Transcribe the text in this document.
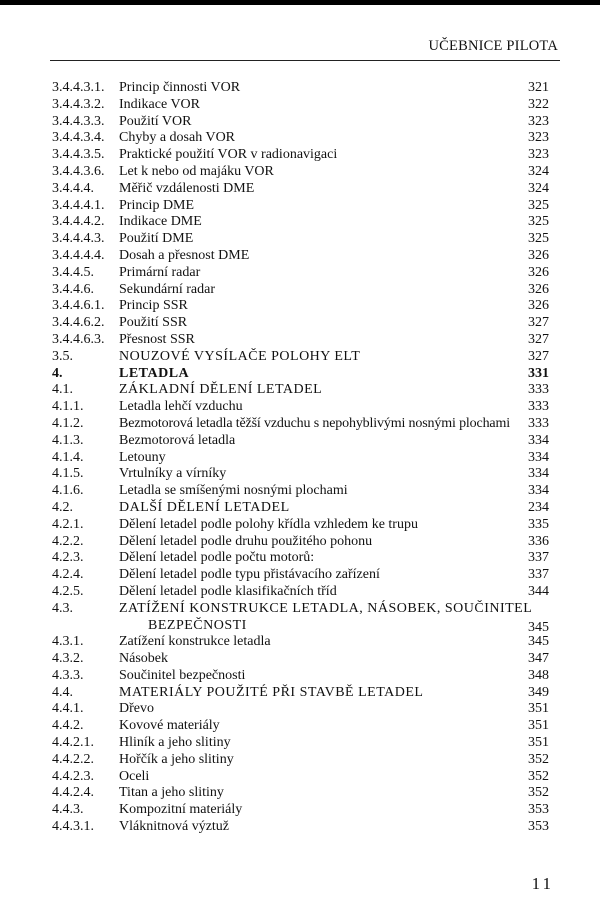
UČEBNICE PILOTA
3.4.4.3.1. Princip činnosti VOR	321
3.4.4.3.2. Indikace VOR	322
3.4.4.3.3. Použití VOR	323
3.4.4.3.4. Chyby a dosah VOR	323
3.4.4.3.5. Praktické použití VOR v radionavigaci	323
3.4.4.3.6. Let k nebo od majáku VOR	324
3.4.4.4. Měřič vzdálenosti DME	324
3.4.4.4.1. Princip DME	325
3.4.4.4.2. Indikace DME	325
3.4.4.4.3. Použití DME	325
3.4.4.4.4. Dosah a přesnost DME	326
3.4.4.5. Primární radar	326
3.4.4.6. Sekundární radar	326
3.4.4.6.1. Princip SSR	326
3.4.4.6.2. Použití SSR	327
3.4.4.6.3. Přesnost SSR	327
3.5.	NOUZOVÉ VYSÍLAČE POLOHY ELT	327
4.	LETADLA	331
4.1.	ZÁKLADNÍ DĚLENÍ LETADEL	333
4.1.1.	Letadla lehčí vzduchu	333
4.1.2.	Bezmotorová letadla těžší vzduchu s nepohyblivými nosnými plochami 333
4.1.3.	Bezmotorová letadla	334
4.1.4.	Letouny	334
4.1.5.	Vrtulníky a vírníky	334
4.1.6.	Letadla se smíšenými nosnými plochami	334
4.2.	DALŠÍ DĚLENÍ LETADEL	234
4.2.1.	Dělení letadel podle polohy křídla vzhledem ke trupu	335
4.2.2.	Dělení letadel podle druhu použitého pohonu	336
4.2.3.	Dělení letadel podle počtu motorů:	337
4.2.4.	Dělení letadel podle typu přistávacího zařízení	337
4.2.5.	Dělení letadel podle klasifikačních tříd	344
4.3.	ZATÍŽENÍ KONSTRUKCE LETADLA, NÁSOBEK, SOUČINITEL
BEZPEČNOSTI	345
4.3.1.	Zatížení konstrukce letadla	345
4.3.2.	Násobek	347
4.3.3.	Součinitel bezpečnosti	348
4.4.	MATERIÁLY POUŽITÉ PŘI STAVBĚ LETADEL	349
4.4.1.	Dřevo	351
4.4.2.	Kovové materiály	351
4.4.2.1. Hliník a jeho slitiny	351
4.4.2.2. Hořčík a jeho slitiny	352
4.4.2.3. Oceli	352
4.4.2.4. Titan a jeho slitiny	352
4.4.3.	Kompozitní materiály	353
4.4.3.1. Vláknitnová výztuž	353
11
